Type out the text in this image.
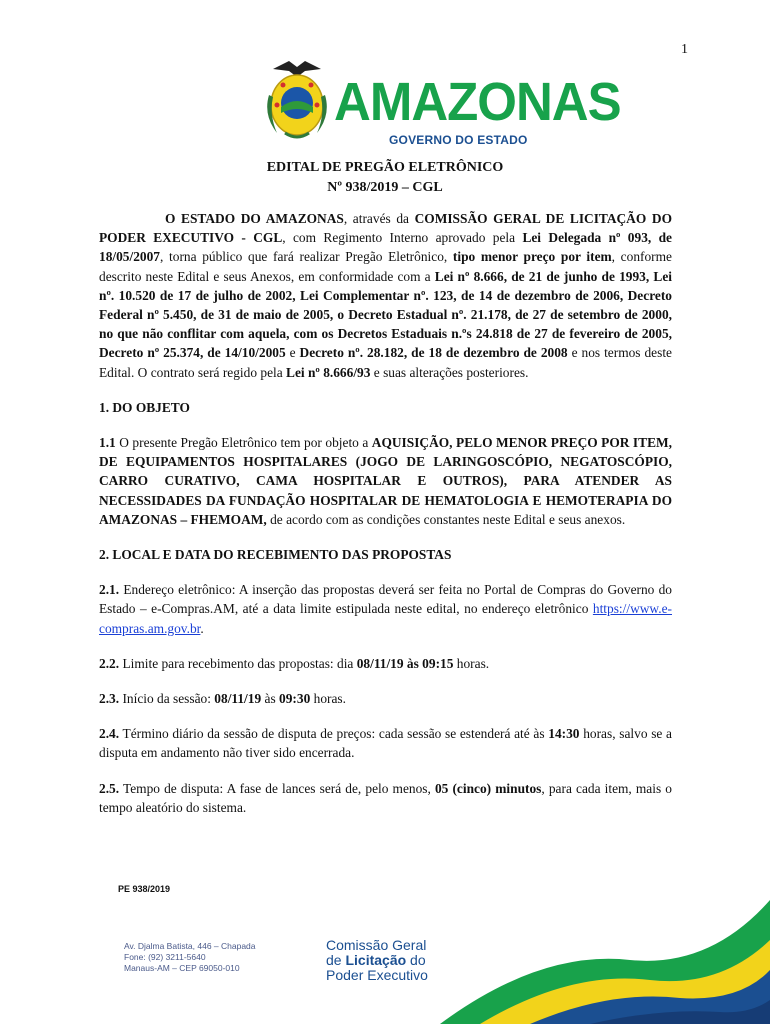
1
AMAZONAS
GOVERNO DO ESTADO
EDITAL DE PREGÃO ELETRÔNICO
Nº 938/2019 – CGL

O ESTADO DO AMAZONAS, através da COMISSÃO GERAL DE LICITAÇÃO DO PODER EXECUTIVO - CGL, com Regimento Interno aprovado pela Lei Delegada nº 093, de 18/05/2007, torna público que fará realizar Pregão Eletrônico, tipo menor preço por item, conforme descrito neste Edital e seus Anexos, em conformidade com a Lei nº 8.666, de 21 de junho de 1993, Lei nº. 10.520 de 17 de julho de 2002, Lei Complementar nº. 123, de 14 de dezembro de 2006, Decreto Federal nº 5.450, de 31 de maio de 2005, o Decreto Estadual nº. 21.178, de 27 de setembro de 2000, no que não conflitar com aquela, com os Decretos Estaduais n.ºs 24.818 de 27 de fevereiro de 2005, Decreto nº 25.374, de 14/10/2005 e Decreto nº. 28.182, de 18 de dezembro de 2008 e nos termos deste Edital. O contrato será regido pela Lei nº 8.666/93 e suas alterações posteriores.

1. DO OBJETO

1.1 O presente Pregão Eletrônico tem por objeto a AQUISIÇÃO, PELO MENOR PREÇO POR ITEM, DE EQUIPAMENTOS HOSPITALARES (JOGO DE LARINGOSCÓPIO, NEGATOSCÓPIO, CARRO CURATIVO, CAMA HOSPITALAR E OUTROS), PARA ATENDER AS NECESSIDADES DA FUNDAÇÃO HOSPITALAR DE HEMATOLOGIA E HEMOTERAPIA DO AMAZONAS – FHEMOAM, de acordo com as condições constantes neste Edital e seus anexos.

2. LOCAL E DATA DO RECEBIMENTO DAS PROPOSTAS

2.1. Endereço eletrônico: A inserção das propostas deverá ser feita no Portal de Compras do Governo do Estado – e-Compras.AM, até a data limite estipulada neste edital, no endereço eletrônico https://www.e-compras.am.gov.br.

2.2. Limite para recebimento das propostas: dia 08/11/19 às 09:15 horas.

2.3. Início da sessão: 08/11/19 às 09:30 horas.

2.4. Término diário da sessão de disputa de preços: cada sessão se estenderá até às 14:30 horas, salvo se a disputa em andamento não tiver sido encerrada.

2.5. Tempo de disputa: A fase de lances será de, pelo menos, 05 (cinco) minutos, para cada item, mais o tempo aleatório do sistema.

PE 938/2019
Av. Djalma Batista, 446 – Chapada
Fone: (92) 3211-5640
Manaus-AM – CEP 69050-010
Comissão Geral
de Licitação do
Poder Executivo
